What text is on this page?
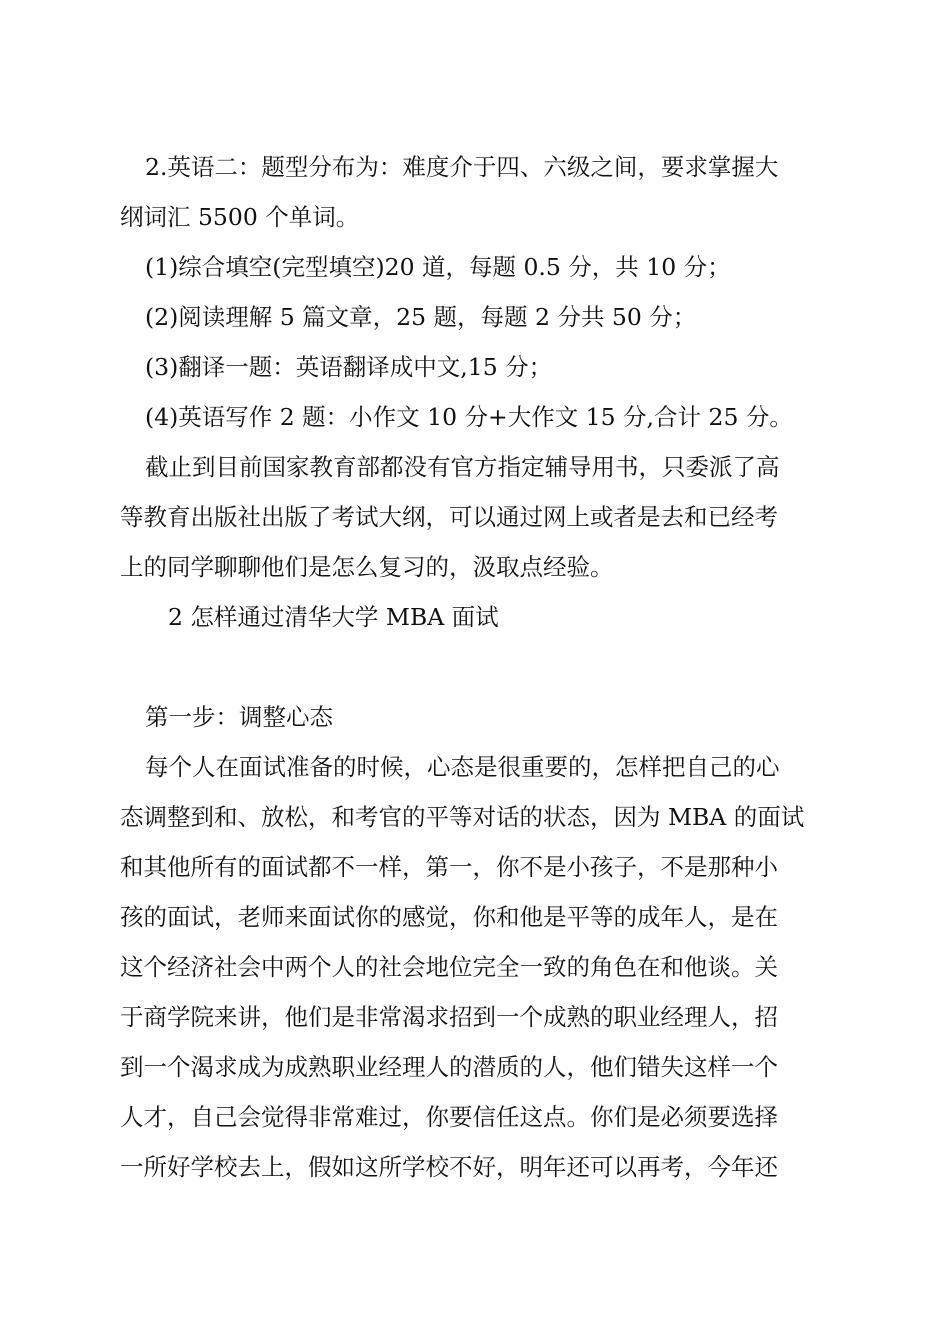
2.英语二：题型分布为：难度介于四、六级之间，要求掌握大
纲词汇 5500 个单词。
(1)综合填空(完型填空)20 道，每题 0.5 分，共 10 分；
(2)阅读理解 5 篇文章，25 题，每题 2 分共 50 分；
(3)翻译一题：英语翻译成中文,15 分；
(4)英语写作 2 题：小作文 10 分+大作文 15 分,合计 25 分。
截止到目前国家教育部都没有官方指定辅导用书，只委派了高
等教育出版社出版了考试大纲，可以通过网上或者是去和已经考
上的同学聊聊他们是怎么复习的，汲取点经验。
2 怎样通过清华大学 MBA 面试
第一步：调整心态
每个人在面试准备的时候，心态是很重要的，怎样把自己的心
态调整到和、放松，和考官的平等对话的状态，因为 MBA 的面试
和其他所有的面试都不一样，第一，你不是小孩子，不是那种小
孩的面试，老师来面试你的感觉，你和他是平等的成年人，是在
这个经济社会中两个人的社会地位完全一致的角色在和他谈。关
于商学院来讲，他们是非常渴求招到一个成熟的职业经理人，招
到一个渴求成为成熟职业经理人的潜质的人，他们错失这样一个
人才，自己会觉得非常难过，你要信任这点。你们是必须要选择
一所好学校去上，假如这所学校不好，明年还可以再考，今年还
